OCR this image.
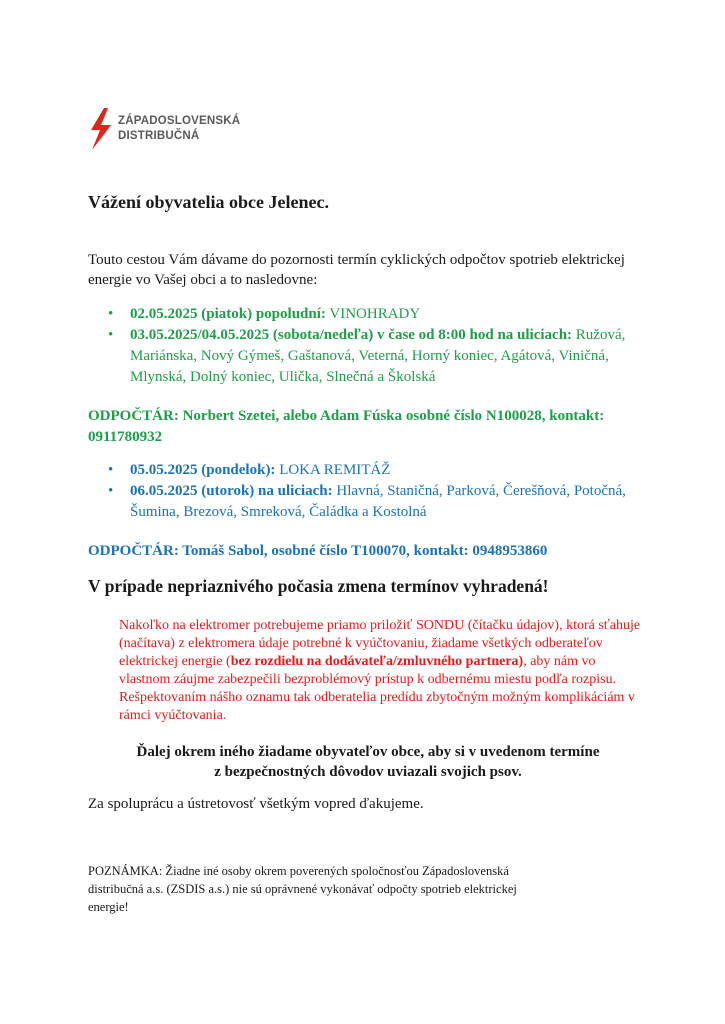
ZÁPADOSLOVENSKÁ
DISTRIBUČNÁ
Vážení obyvatelia obce Jelenec.
Touto cestou Vám dávame do pozornosti termín cyklických odpočtov spotrieb elektrickej energie vo Vašej obci a to nasledovne:
• 02.05.2025 (piatok) popoludní: VINOHRADY
• 03.05.2025/04.05.2025 (sobota/nedeľa) v čase od 8:00 hod na uliciach: Ružová, Mariánska, Nový Gýmeš, Gaštanová, Veterná, Horný koniec, Agátová, Viničná, Mlynská, Dolný koniec, Ulička, Slnečná a Školská
ODPOČTÁR: Norbert Szetei, alebo Adam Fúska osobné číslo N100028, kontakt: 0911780932
• 05.05.2025 (pondelok): LOKA REMITÁŽ
• 06.05.2025 (utorok) na uliciach: Hlavná, Staničná, Parková, Čerešňová, Potočná, Šumina, Brezová, Smreková, Čaládka a Kostolná
ODPOČTÁR: Tomáš Sabol, osobné číslo T100070, kontakt: 0948953860
V prípade nepriaznivého počasia zmena termínov vyhradená!
Nakoľko na elektromer potrebujeme priamo priložiť SONDU (čítačku údajov), ktorá sťahuje (načítava) z elektromera údaje potrebné k vyúčtovaniu, žiadame všetkých odberateľov elektrickej energie (bez rozdielu na dodávateľa/zmluvného partnera), aby nám vo vlastnom záujme zabezpečili bezproblémový prístup k odbernému miestu podľa rozpisu. Rešpektovaním nášho oznamu tak odberatelia predídu zbytočným možným komplikáciám v rámci vyúčtovania.
Ďalej okrem iného žiadame obyvateľov obce, aby si v uvedenom termíne
z bezpečnostných dôvodov uviazali svojich psov.
Za spoluprácu a ústretovosť všetkým vopred ďakujeme.
POZNÁMKA: Žiadne iné osoby okrem poverených spoločnosťou Západoslovenská distribučná a.s. (ZSDIS a.s.) nie sú oprávnené vykonávať odpočty spotrieb elektrickej energie!
